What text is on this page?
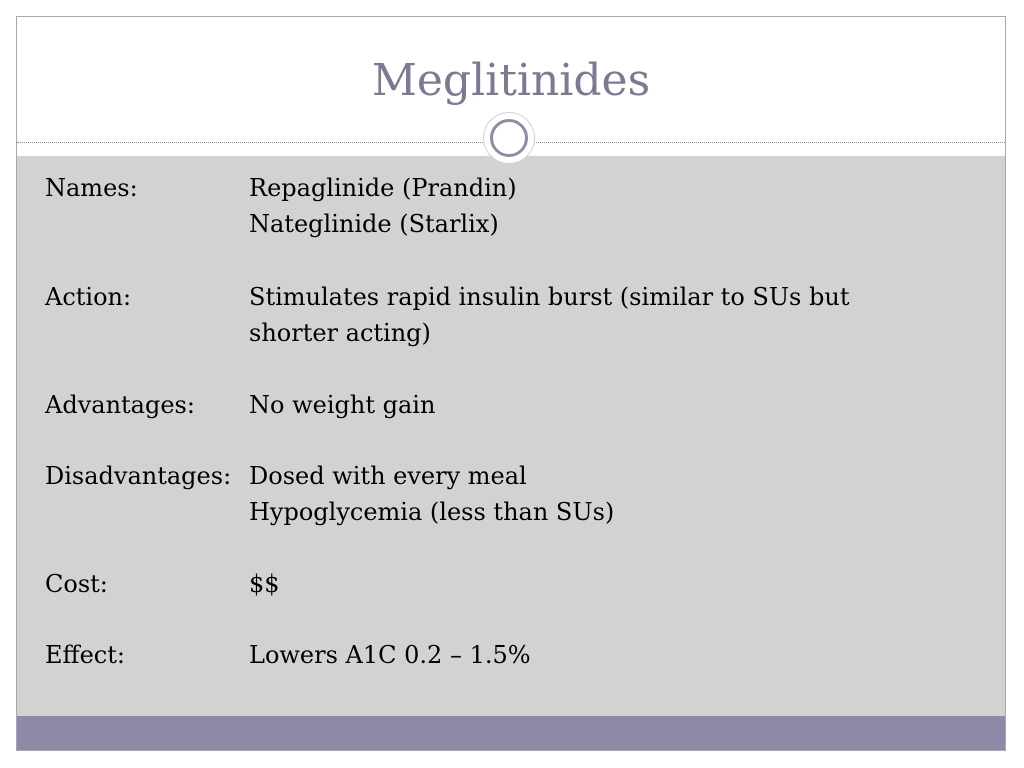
Meglitinides
Names:	Repaglinide (Prandin)
Nateglinide (Starlix)
Action:	Stimulates rapid insulin burst (similar to SUs but
shorter acting)
Advantages: No weight gain
Disadvantages: Dosed with every meal
Hypoglycemia (less than SUs)
Cost:	$$
Effect:	Lowers A1C 0.2 – 1.5%
